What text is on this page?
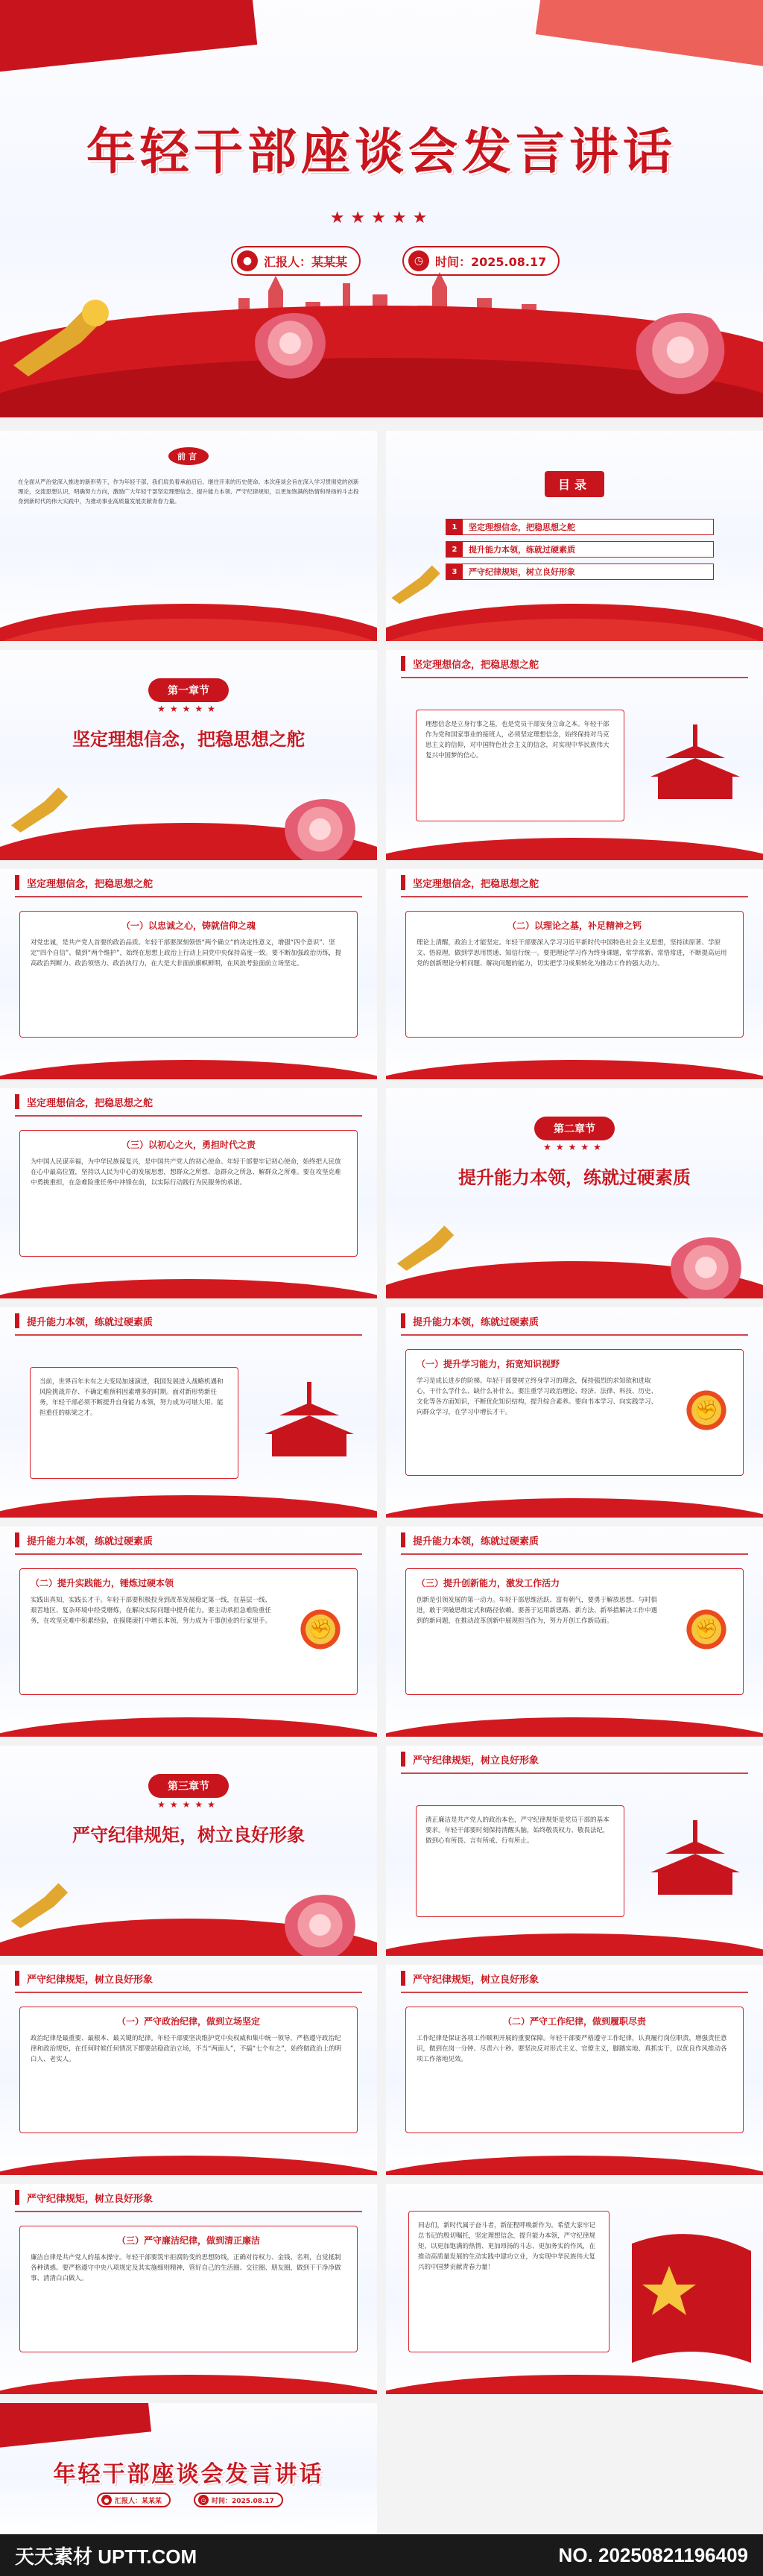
年轻干部座谈会发言讲话
★★★★★
● 汇报人：某某某	◷ 时间：2025.08.17
前言
在全面从严治党深入推进的新形势下，作为年轻干部，我们肩负着承前启后、继往开来的历史使命。本次座谈会旨在深入学习贯彻党的创新理论，交流思想认识，明确努力方向，激励广大年轻干部坚定理想信念、提升能力本领、严守纪律规矩，以更加饱满的热情和昂扬的斗志投身到新时代的伟大实践中，为推动事业高质量发展贡献青春力量。
目录
1	坚定理想信念，把稳思想之舵
2	提升能力本领，练就过硬素质
3	严守纪律规矩，树立良好形象
第一章节
★★★★★
坚定理想信念，把稳思想之舵
坚定理想信念，把稳思想之舵
理想信念是立身行事之基，也是党员干部安身立命之本。年轻干部作为党和国家事业的接班人，必须坚定理想信念，始终保持对马克思主义的信仰，对中国特色社会主义的信念，对实现中华民族伟大复兴中国梦的信心。
坚定理想信念，把稳思想之舵
（一）以忠诚之心，铸就信仰之魂
对党忠诚，是共产党人首要的政治品质。年轻干部要深刻领悟“两个确立”的决定性意义，增强“四个意识”、坚定“四个自信”、做到“两个维护”，始终在思想上政治上行动上同党中央保持高度一致。要不断加强政治历练，提高政治判断力、政治领悟力、政治执行力，在大是大非面前旗帜鲜明，在风浪考验面前立场坚定。
坚定理想信念，把稳思想之舵
（二）以理论之基，补足精神之钙
理论上清醒，政治上才能坚定。年轻干部要深入学习习近平新时代中国特色社会主义思想，坚持读原著、学原文、悟原理，做到学思用贯通、知信行统一。要把理论学习作为终身课题，常学常新、常悟常进，不断提高运用党的创新理论分析问题、解决问题的能力，切实把学习成果转化为推动工作的强大动力。
坚定理想信念，把稳思想之舵
（三）以初心之火，勇担时代之责
为中国人民谋幸福，为中华民族谋复兴，是中国共产党人的初心使命。年轻干部要牢记初心使命，始终把人民放在心中最高位置，坚持以人民为中心的发展思想，想群众之所想、急群众之所急、解群众之所难。要在攻坚克难中勇挑重担，在急难险重任务中冲锋在前，以实际行动践行为民服务的承诺。
第二章节
★★★★★
提升能力本领，练就过硬素质
提升能力本领，练就过硬素质
当前，世界百年未有之大变局加速演进，我国发展进入战略机遇和风险挑战并存、不确定难预料因素增多的时期。面对新形势新任务，年轻干部必须不断提升自身能力本领，努力成为可堪大用、能担重任的栋梁之才。
提升能力本领，练就过硬素质
（一）提升学习能力，拓宽知识视野
学习是成长进步的阶梯。年轻干部要树立终身学习的理念，保持强烈的求知欲和进取心，干什么学什么、缺什么补什么。要注重学习政治理论、经济、法律、科技、历史、文化等各方面知识，不断优化知识结构，提升综合素养。要向书本学习、向实践学习、向群众学习，在学习中增长才干。	✊
提升能力本领，练就过硬素质
（二）提升实践能力，锤炼过硬本领
实践出真知，实践长才干。年轻干部要积极投身到改革发展稳定第一线，在基层一线、艰苦地区、复杂环境中经受磨炼，在解决实际问题中提升能力。要主动承担急难险重任务，在攻坚克难中积累经验，在摸爬滚打中增长本领，努力成为干事创业的行家里手。	✊
提升能力本领，练就过硬素质
（三）提升创新能力，激发工作活力
创新是引领发展的第一动力。年轻干部思维活跃、富有朝气，要勇于解放思想、与时俱进，敢于突破思维定式和路径依赖。要善于运用新思路、新方法、新举措解决工作中遇到的新问题，在推动改革创新中展现担当作为，努力开创工作新局面。	✊
第三章节
★★★★★
严守纪律规矩，树立良好形象
严守纪律规矩，树立良好形象
清正廉洁是共产党人的政治本色，严守纪律规矩是党员干部的基本要求。年轻干部要时刻保持清醒头脑，始终敬畏权力、敬畏法纪，做到心有所畏、言有所戒、行有所止。
严守纪律规矩，树立良好形象
（一）严守政治纪律，做到立场坚定
政治纪律是最重要、最根本、最关键的纪律。年轻干部要坚决维护党中央权威和集中统一领导，严格遵守政治纪律和政治规矩，在任何时候任何情况下都要站稳政治立场，不当“两面人”，不搞“七个有之”，始终做政治上的明白人、老实人。
严守纪律规矩，树立良好形象
（二）严守工作纪律，做到履职尽责
工作纪律是保证各项工作顺利开展的重要保障。年轻干部要严格遵守工作纪律，认真履行岗位职责，增强责任意识，做到在岗一分钟、尽责六十秒。要坚决反对形式主义、官僚主义，脚踏实地、真抓实干，以优良作风推动各项工作落地见效。
严守纪律规矩，树立良好形象
（三）严守廉洁纪律，做到清正廉洁
廉洁自律是共产党人的基本操守。年轻干部要筑牢拒腐防变的思想防线，正确对待权力、金钱、名利，自觉抵制各种诱惑。要严格遵守中央八项规定及其实施细则精神，管好自己的生活圈、交往圈、朋友圈，做到干干净净做事、清清白白做人。
同志们，新时代属于奋斗者，新征程呼唤新作为。希望大家牢记总书记的殷切嘱托，坚定理想信念，提升能力本领，严守纪律规矩，以更加饱满的热情、更加昂扬的斗志、更加务实的作风，在推动高质量发展的生动实践中建功立业，为实现中华民族伟大复兴的中国梦贡献青春力量！
年轻干部座谈会发言讲话
● 汇报人：某某某	◷ 时间：2025.08.17
天天素材 UPTT.COM	NO. 20250821196409
